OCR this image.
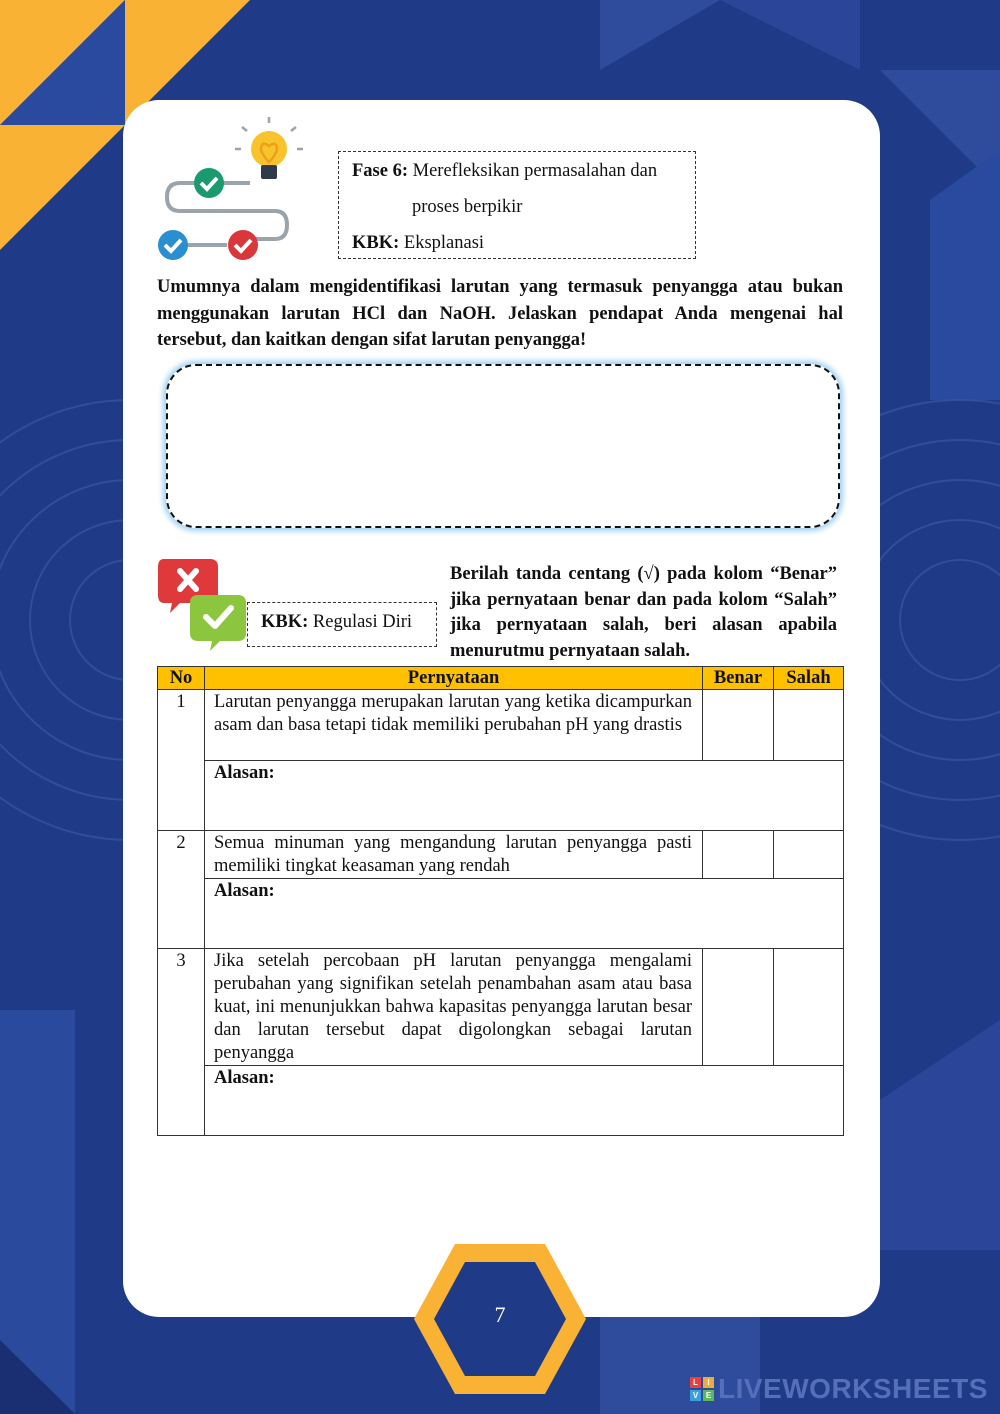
Fase 6: Merefleksikan permasalahan dan
proses berpikir
KBK: Eksplanasi
Umumnya dalam mengidentifikasi larutan yang termasuk penyangga atau bukan menggunakan larutan HCl dan NaOH. Jelaskan pendapat Anda mengenai hal tersebut, dan kaitkan dengan sifat larutan penyangga!
KBK: Regulasi Diri
Berilah tanda centang (√) pada kolom “Benar” jika pernyataan benar dan pada kolom “Salah” jika pernyataan salah, beri alasan apabila menurutmu pernyataan salah.
No	Pernyataan	Benar	Salah
1	Larutan penyangga merupakan larutan yang ketika dicampurkan asam dan basa tetapi tidak memiliki perubahan pH yang drastis		
	Alasan:		
2	Semua minuman yang mengandung larutan penyangga pasti memiliki tingkat keasaman yang rendah		
	Alasan:		
3	Jika setelah percobaan pH larutan penyangga mengalami perubahan yang signifikan setelah penambahan asam atau basa kuat, ini menunjukkan bahwa kapasitas penyangga larutan besar dan larutan tersebut dapat digolongkan sebagai larutan penyangga		
	Alasan:		
7
L	I
V E LIVEWORKSHEETS
